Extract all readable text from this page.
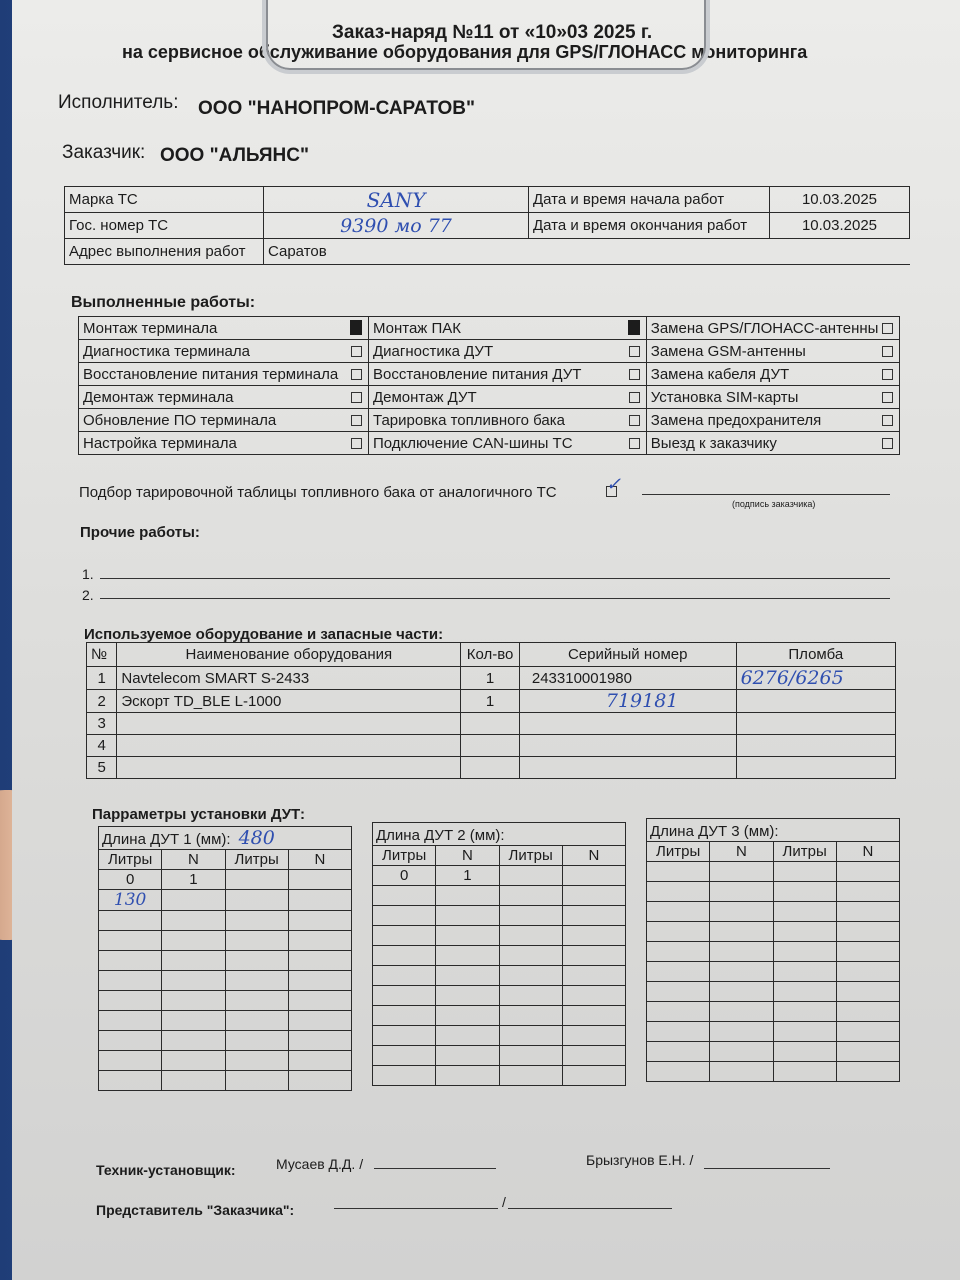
Заказ-наряд №11 от «10»03 2025 г.
на сервисное обслуживание оборудования для GPS/ГЛОНАСС мониторинга
Исполнитель: ООО "НАНОПРОМ-САРАТОВ"
Заказчик: ООО "АЛЬЯНС"
Марка ТС	SANY	Дата и время начала работ	10.03.2025
Гос. номер ТС	9390 мо 77	Дата и время окончания работ	10.03.2025
Адрес выполнения работ	Саратов		
Выполненные работы:
Монтаж терминала	Монтаж ПАК	Замена GPS/ГЛОНАСС-антенны

Диагностика терминала	Диагностика ДУТ	Замена GSM-антенны

Восстановление питания терминала	Восстановление питания ДУТ	Замена кабеля ДУТ

Демонтаж терминала	Демонтаж ДУТ	Установка SIM-карты

Обновление ПО терминала	Тарировка топливного бака	Замена предохранителя

Настройка терминала	Подключение CAN-шины ТС	Выезд к заказчику
Подбор тарировочной таблицы топливного бака от аналогичного ТС	✓
(подпись заказчика)
Прочие работы:
1.
2.
Используемое оборудование и запасные части:
№	Наименование оборудования	Кол-во	Серийный номер	Пломба
1	Navtelecom SMART S-2433	1	243310001980	6276/6265
2	Эскорт TD_BLE L-1000	1	719181	
3				
4				
5				
Парраметры установки ДУТ:
Длина ДУТ 1 (мм): 480			
Литры	N	Литры	N
0	1		
130			

Длина ДУТ 2 (мм):			
Литры	N	Литры	N
0	1		

Длина ДУТ 3 (мм):			
Литры	N	Литры	N

Техник-установщик:	Мусаев Д.Д. /	Брызгунов Е.Н. /
Представитель "Заказчика":	/
